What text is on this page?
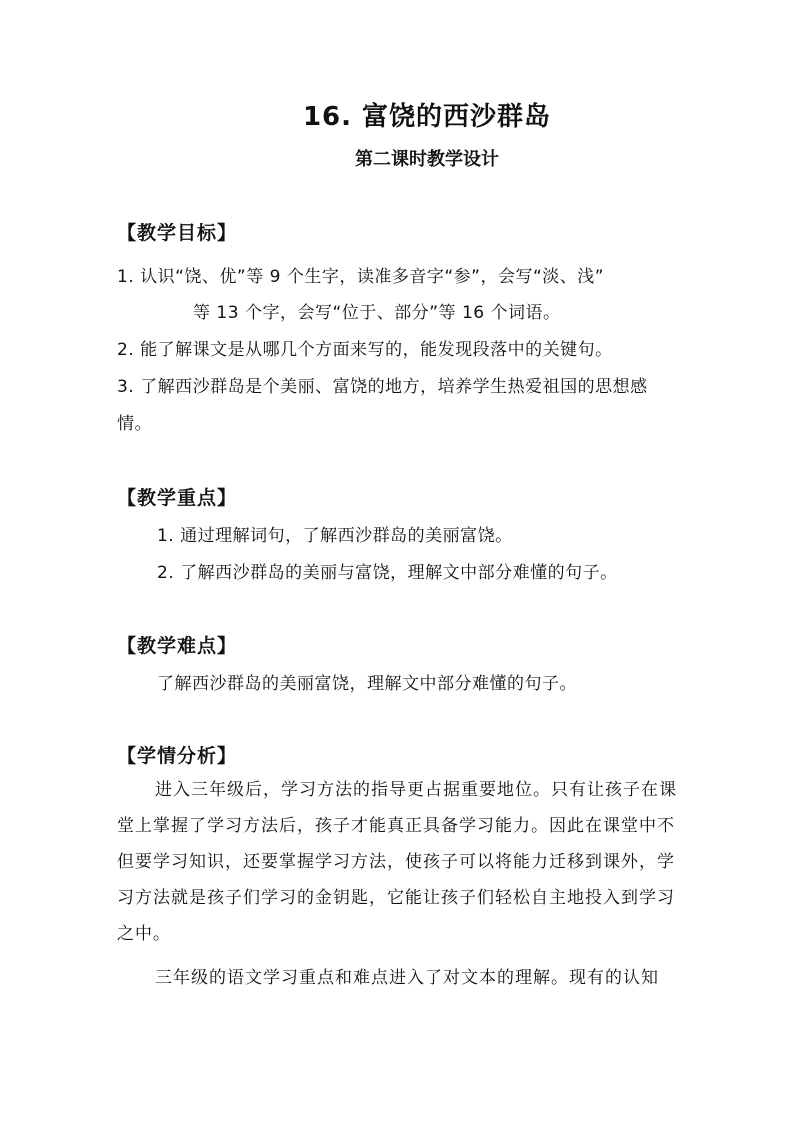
16. 富饶的西沙群岛
第二课时教学设计
【教学目标】
1. 认识“饶、优”等 9 个生字，读准多音字“参”，会写“淡、浅”
等 13 个字，会写“位于、部分”等 16 个词语。
2. 能了解课文是从哪几个方面来写的，能发现段落中的关键句。
3. 了解西沙群岛是个美丽、富饶的地方，培养学生热爱祖国的思想感
情。
【教学重点】
1. 通过理解词句，了解西沙群岛的美丽富饶。
2. 了解西沙群岛的美丽与富饶，理解文中部分难懂的句子。
【教学难点】
了解西沙群岛的美丽富饶，理解文中部分难懂的句子。
【学情分析】
进入三年级后，学习方法的指导更占据重要地位。只有让孩子在课堂上掌握了学习方法后，孩子才能真正具备学习能力。因此在课堂中不但要学习知识，还要掌握学习方法，使孩子可以将能力迁移到课外，学习方法就是孩子们学习的金钥匙，它能让孩子们轻松自主地投入到学习之中。
三年级的语文学习重点和难点进入了对文本的理解。现有的认知
